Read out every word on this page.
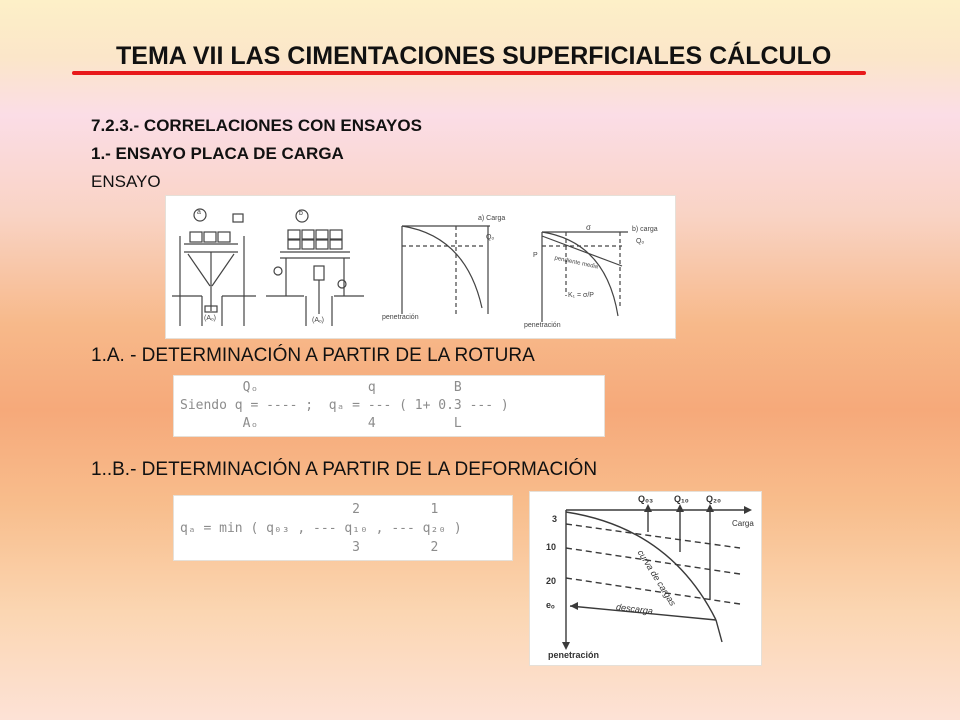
TEMA VII LAS CIMENTACIONES SUPERFICIALES CÁLCULO
7.2.3.- CORRELACIONES CON ENSAYOS
1.- ENSAYO PLACA DE CARGA
ENSAYO
a	b
(Aₒ)	(Aₒ)
a) Carga
Qₒ
penetración
b) carga
Qₒ
σ
P	pendiente media
K₁ = σ/P
penetración
1.A. - DETERMINACIÓN A PARTIR DE LA ROTURA
Qₒ              q          B
Siendo q = ---- ;  qₐ = --- ( 1+ 0.3 --- )
Aₒ              4          L
1..B.- DETERMINACIÓN A PARTIR DE LA DEFORMACIÓN
2         1
qₐ = min ( q₀₃ , --- q₁₀ , --- q₂₀ )
3         2
Q₀₃ Q₁₀ Q₂₀
Carga
3
10
20
eₒ	curva de cargas
descarga
penetración
